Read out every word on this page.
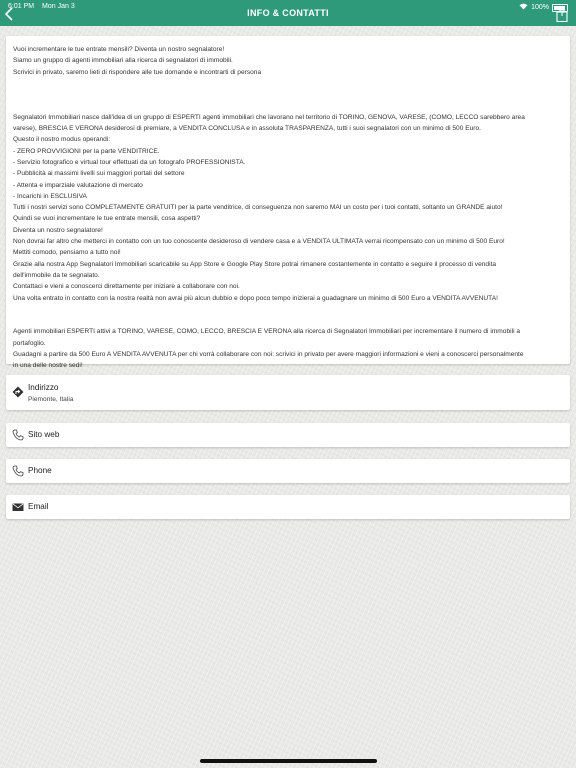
6:01 PM Mon Jan 3	100%
INFO & CONTATTI
Vuoi incrementare le tue entrate mensili? Diventa un nostro segnalatore!
Siamo un gruppo di agenti immobiliari alla ricerca di segnalatori di immobili.
Scrivici in privato, saremo lieti di rispondere alle tue domande e incontrarti di persona

Segnalatori Immobiliari nasce dall'idea di un gruppo di ESPERTI agenti immobiliari che lavorano nel territorio di TORINO, GENOVA, VARESE, (COMO, LECCO sarebbero area
varese), BRESCIA E VERONA desiderosi di premiare, a VENDITA CONCLUSA e in assoluta TRASPARENZA, tutti i suoi segnalatori con un minimo di 500 Euro.
Questo il nostro modus operandi:
- ZERO PROVVIGIONI per la parte VENDITRICE.
- Servizio fotografico e virtual tour effettuati da un fotografo PROFESSIONISTA.
- Pubblicità ai massimi livelli sui maggiori portali del settore
- Attenta e imparziale valutazione di mercato
- Incarichi in ESCLUSIVA
Tutti i nostri servizi sono COMPLETAMENTE GRATUITI per la parte venditrice, di conseguenza non saremo MAI un costo per i tuoi contatti, soltanto un GRANDE aiuto!
Quindi se vuoi incrementare le tue entrate mensili, cosa aspetti?
Diventa un nostro segnalatore!
Non dovrai far altro che metterci in contatto con un tuo conoscente desideroso di vendere casa e a VENDITA ULTIMATA verrai ricompensato con un minimo di 500 Euro!
Mettiti comodo, pensiamo a tutto noi!
Grazie alla nostra App Segnalatori Immobiliari scaricabile su App Store e Google Play Store potrai rimanere costantemente in contatto e seguire il processo di vendita
dell'immobile da te segnalato.
Contattaci e vieni a conoscerci direttamente per iniziare a collaborare con noi.
Una volta entrato in contatto con la nostra realtà non avrai più alcun dubbio e dopo poco tempo inizierai a guadagnare un minimo di 500 Euro a VENDITA AVVENUTA!

Agenti immobiliari ESPERTI attivi a TORINO, VARESE, COMO, LECCO, BRESCIA E VERONA alla ricerca di Segnalatori Immobiliari per incrementare il numero di immobili a
portafoglio.
Guadagni a partire da 500 Euro A VENDITA AVVENUTA per chi vorrà collaborare con noi: scrivici in privato per avere maggiori informazioni e vieni a conoscerci personalmente
in una delle nostre sedi!
Indirizzo
Piemonte, Italia
Sito web
Phone
Email
